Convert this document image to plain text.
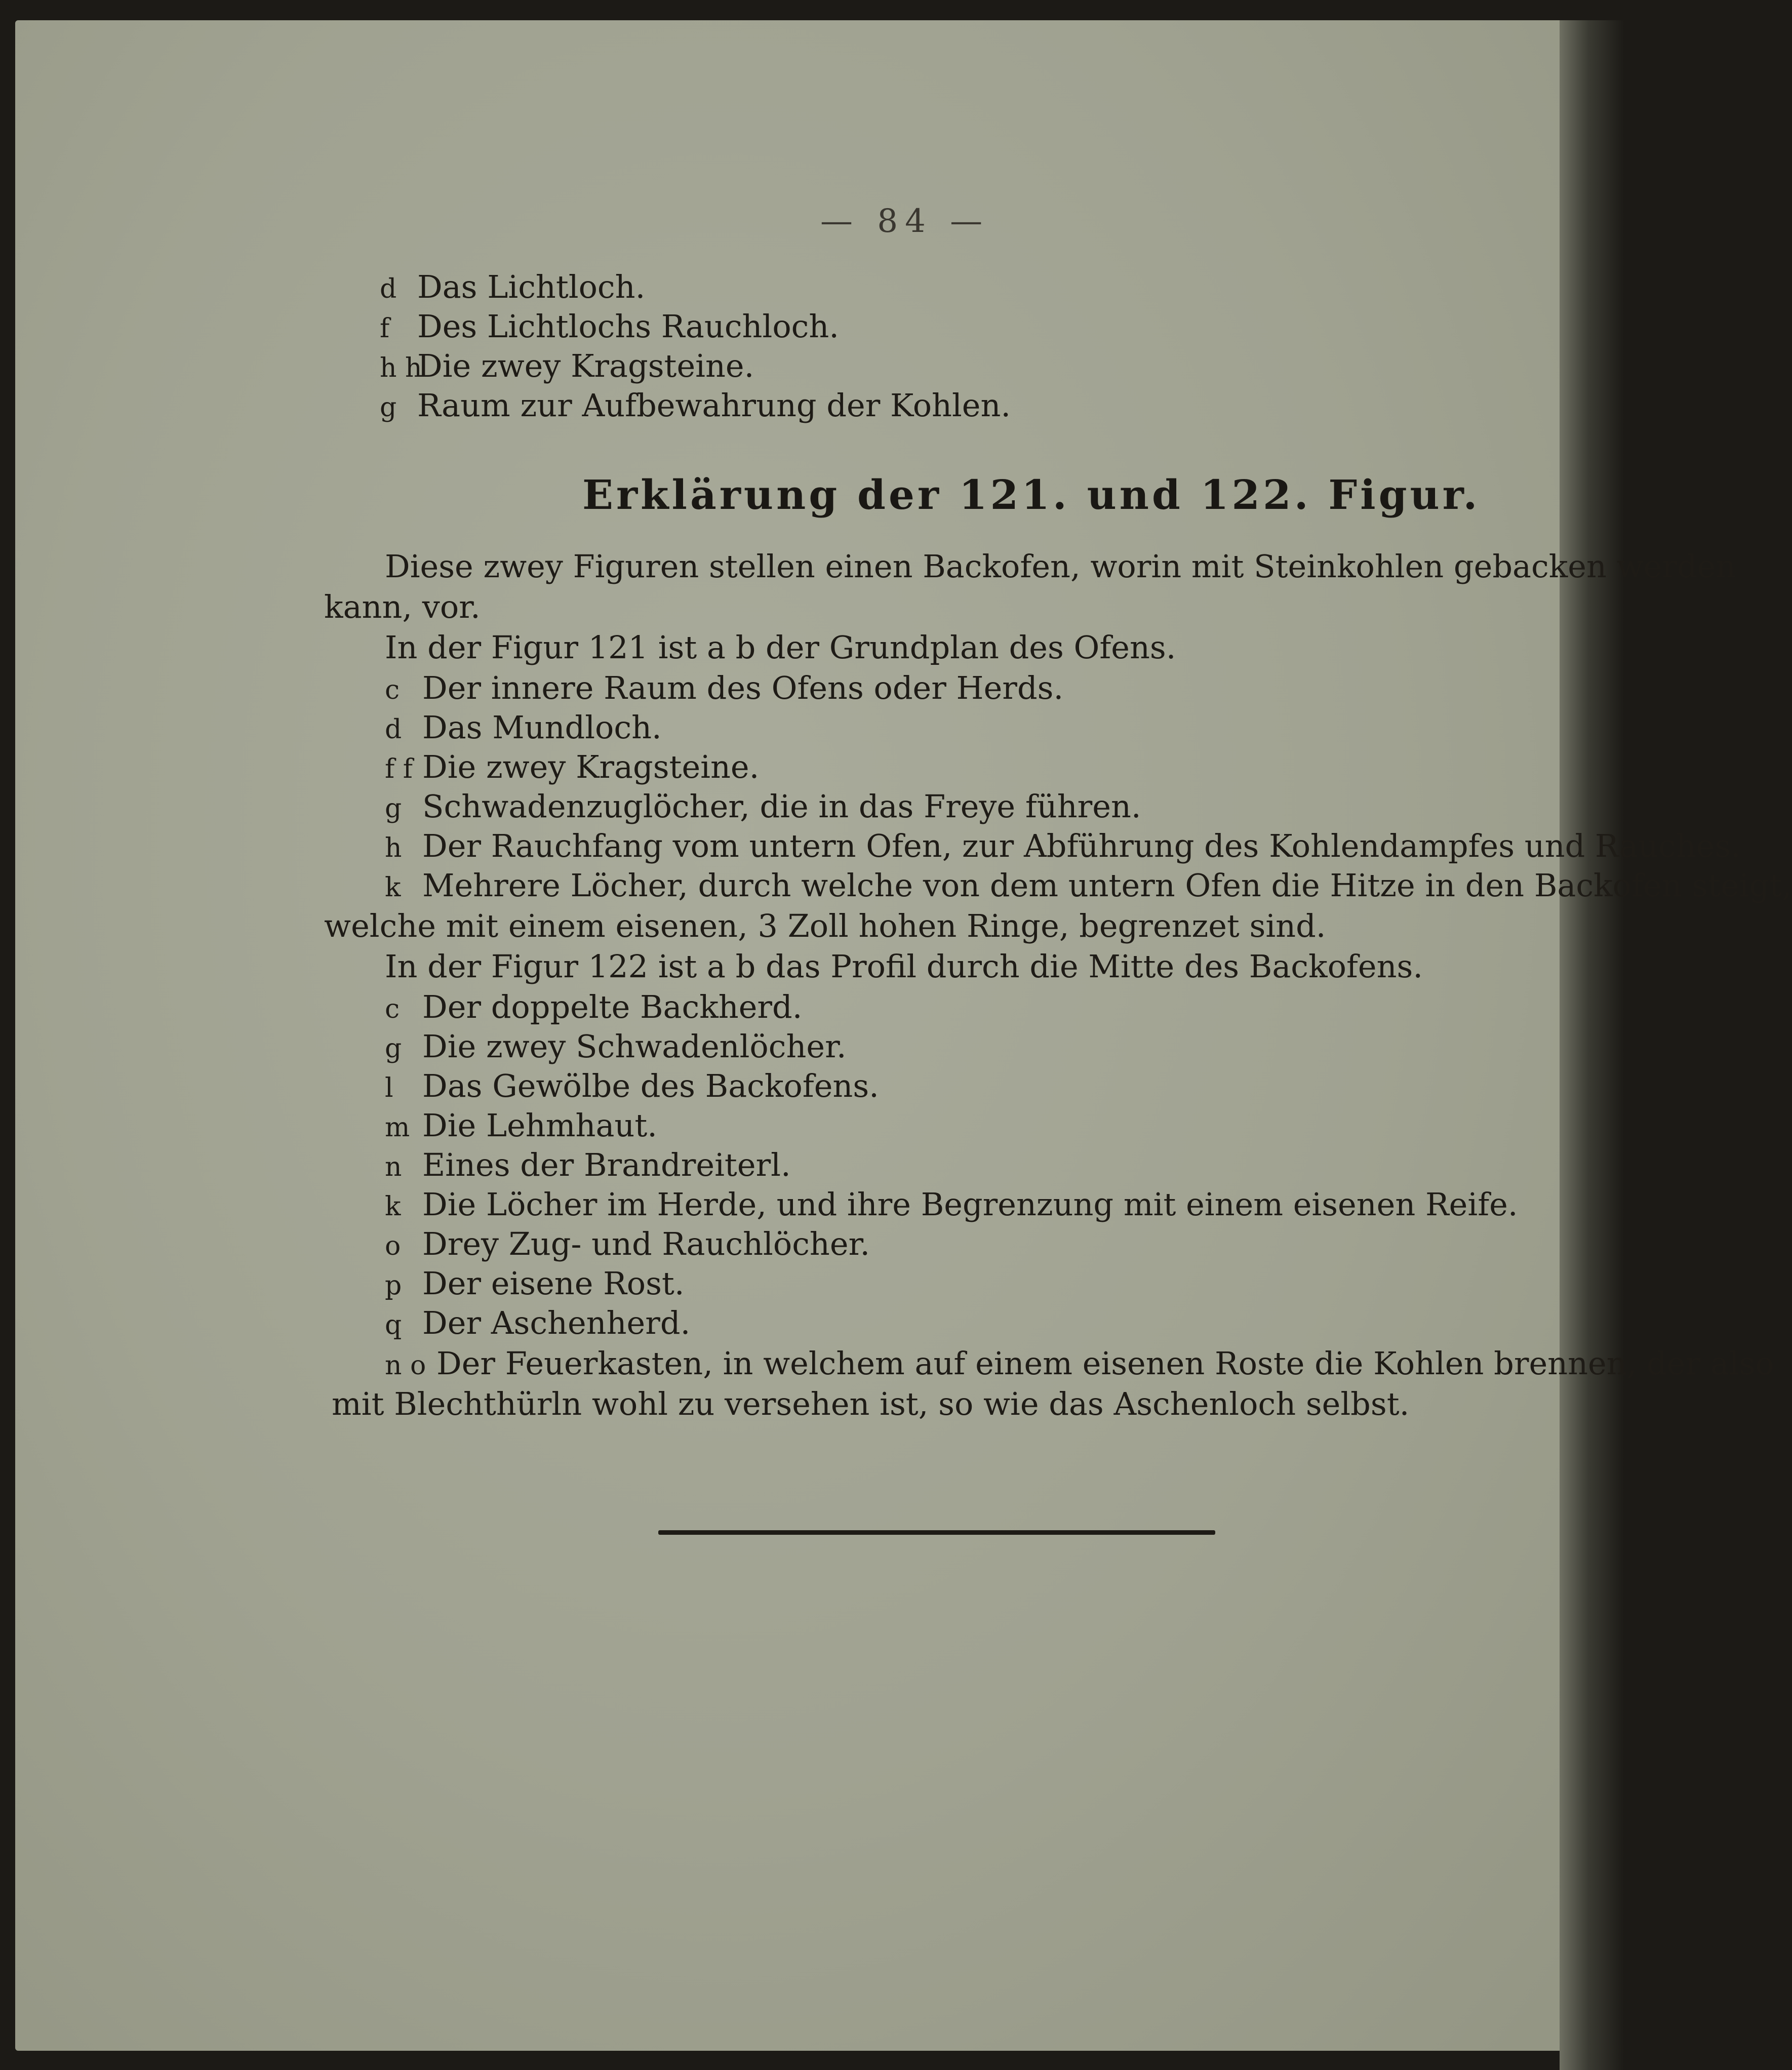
— 84 —
d Das Lichtloch.
f Des Lichtlochs Rauchloch.
h hDie zwey Kragsteine.
g Raum zur Aufbewahrung der Kohlen.
Erklärung der 121. und 122. Figur.
Diese zwey Figuren stellen einen Backofen, worin mit Steinkohlen gebacken werden
kann, vor.
In der Figur 121 ist a b der Grundplan des Ofens.
c Der innere Raum des Ofens oder Herds.
d Das Mundloch.
f f Die zwey Kragsteine.
g Schwadenzuglöcher, die in das Freye führen.
h Der Rauchfang vom untern Ofen, zur Abführung des Kohlendampfes und Rauches.
k Mehrere Löcher, durch welche von dem untern Ofen die Hitze in den Backofen steigt,
welche mit einem eisenen, 3 Zoll hohen Ringe, begrenzet sind.
In der Figur 122 ist a b das Profil durch die Mitte des Backofens.
c Der doppelte Backherd.
g Die zwey Schwadenlöcher.
l Das Gewölbe des Backofens.
m Die Lehmhaut.
n Eines der Brandreiterl.
k Die Löcher im Herde, und ihre Begrenzung mit einem eisenen Reife.
o Drey Zug- und Rauchlöcher.
p Der eisene Rost.
q Der Aschenherd.
n o Der Feuerkasten, in welchem auf einem eisenen Roste die Kohlen brennen, der also
mit Blechthürln wohl zu versehen ist, so wie das Aschenloch selbst.
